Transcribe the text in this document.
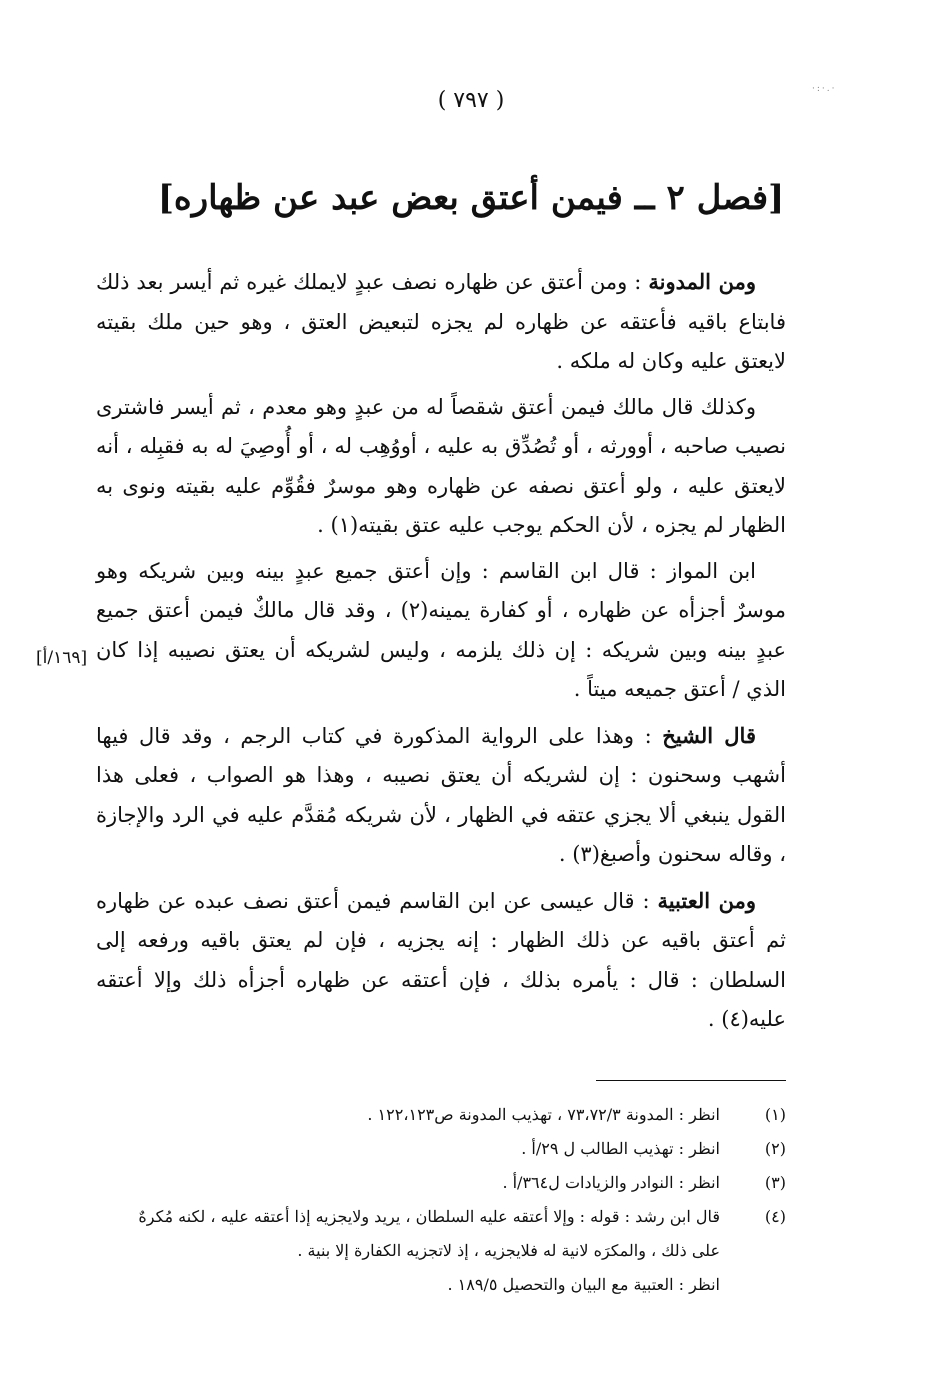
·:·.·
( ٧٩٧ )
[فصل ٢ ــ فيمن أعتق بعض عبد عن ظهاره]
[١٦٩/أ]

ومن المدونة : ومن أعتق عن ظهاره نصف عبدٍ لايملك غيره ثم أيسر بعد ذلك فابتاع باقيه فأعتقه عن ظهاره لم يجزه لتبعيض العتق ، وهو حين ملك بقيته لايعتق عليه وكان له ملكه .

وكذلك قال مالك فيمن أعتق شقصاً له من عبدٍ وهو معدم ، ثم أيسر فاشترى نصيب صاحبه ، أوورثه ، أو تُصُدِّق به عليه ، أووُهِب له ، أو أُوصِيَ له به فقبِله ، أنه لايعتق عليه ، ولو أعتق نصفه عن ظهاره وهو موسرٌ فقُوِّم عليه بقيته ونوى به الظهار لم يجزه ، لأن الحكم يوجب عليه عتق بقيته(١) .

ابن المواز : قال ابن القاسم : وإن أعتق جميع عبدٍ بينه وبين شريكه وهو موسرٌ أجزأه عن ظهاره ، أو كفارة يمينه(٢) ، وقد قال مالكٌ فيمن أعتق جميع عبدٍ بينه وبين شريكه : إن ذلك يلزمه ، وليس لشريكه أن يعتق نصيبه إذا كان الذي / أعتق جميعه ميتاً .

قال الشيخ : وهذا على الرواية المذكورة في كتاب الرجم ، وقد قال فيها أشهب وسحنون : إن لشريكه أن يعتق نصيبه ، وهذا هو الصواب ، فعلى هذا القول ينبغي ألا يجزي عتقه في الظهار ، لأن شريكه مُقدَّم عليه في الرد والإجازة ، وقاله سحنون وأصبغ(٣) .

ومن العتبية : قال عيسى عن ابن القاسم فيمن أعتق نصف عبده عن ظهاره ثم أعتق باقيه عن ذلك الظهار : إنه يجزيه ، فإن لم يعتق باقيه ورفعه إلى السلطان : قال : يأمره بذلك ، فإن أعتقه عن ظهاره أجزأه ذلك وإلا أعتقه عليه(٤) .

(١)
انظر : المدونة ٧٣،٧٢/٣ ، تهذيب المدونة ص١٢٢،١٢٣ .
(٢)
انظر : تهذيب الطالب ل ٢٩/أ .
(٣)
انظر : النوادر والزيادات ل٣٦٤/أ .
(٤)
قال ابن رشد : قوله : وإلا أعتقه عليه السلطان ، يريد ولايجزيه إذا أعتقه عليه ، لكنه مُكرهٌ
على ذلك ، والمكرَه لانية له فلايجزيه ، إذ لاتجزيه الكفارة إلا بنية .
انظر : العتبية مع البيان والتحصيل ١٨٩/٥ .
